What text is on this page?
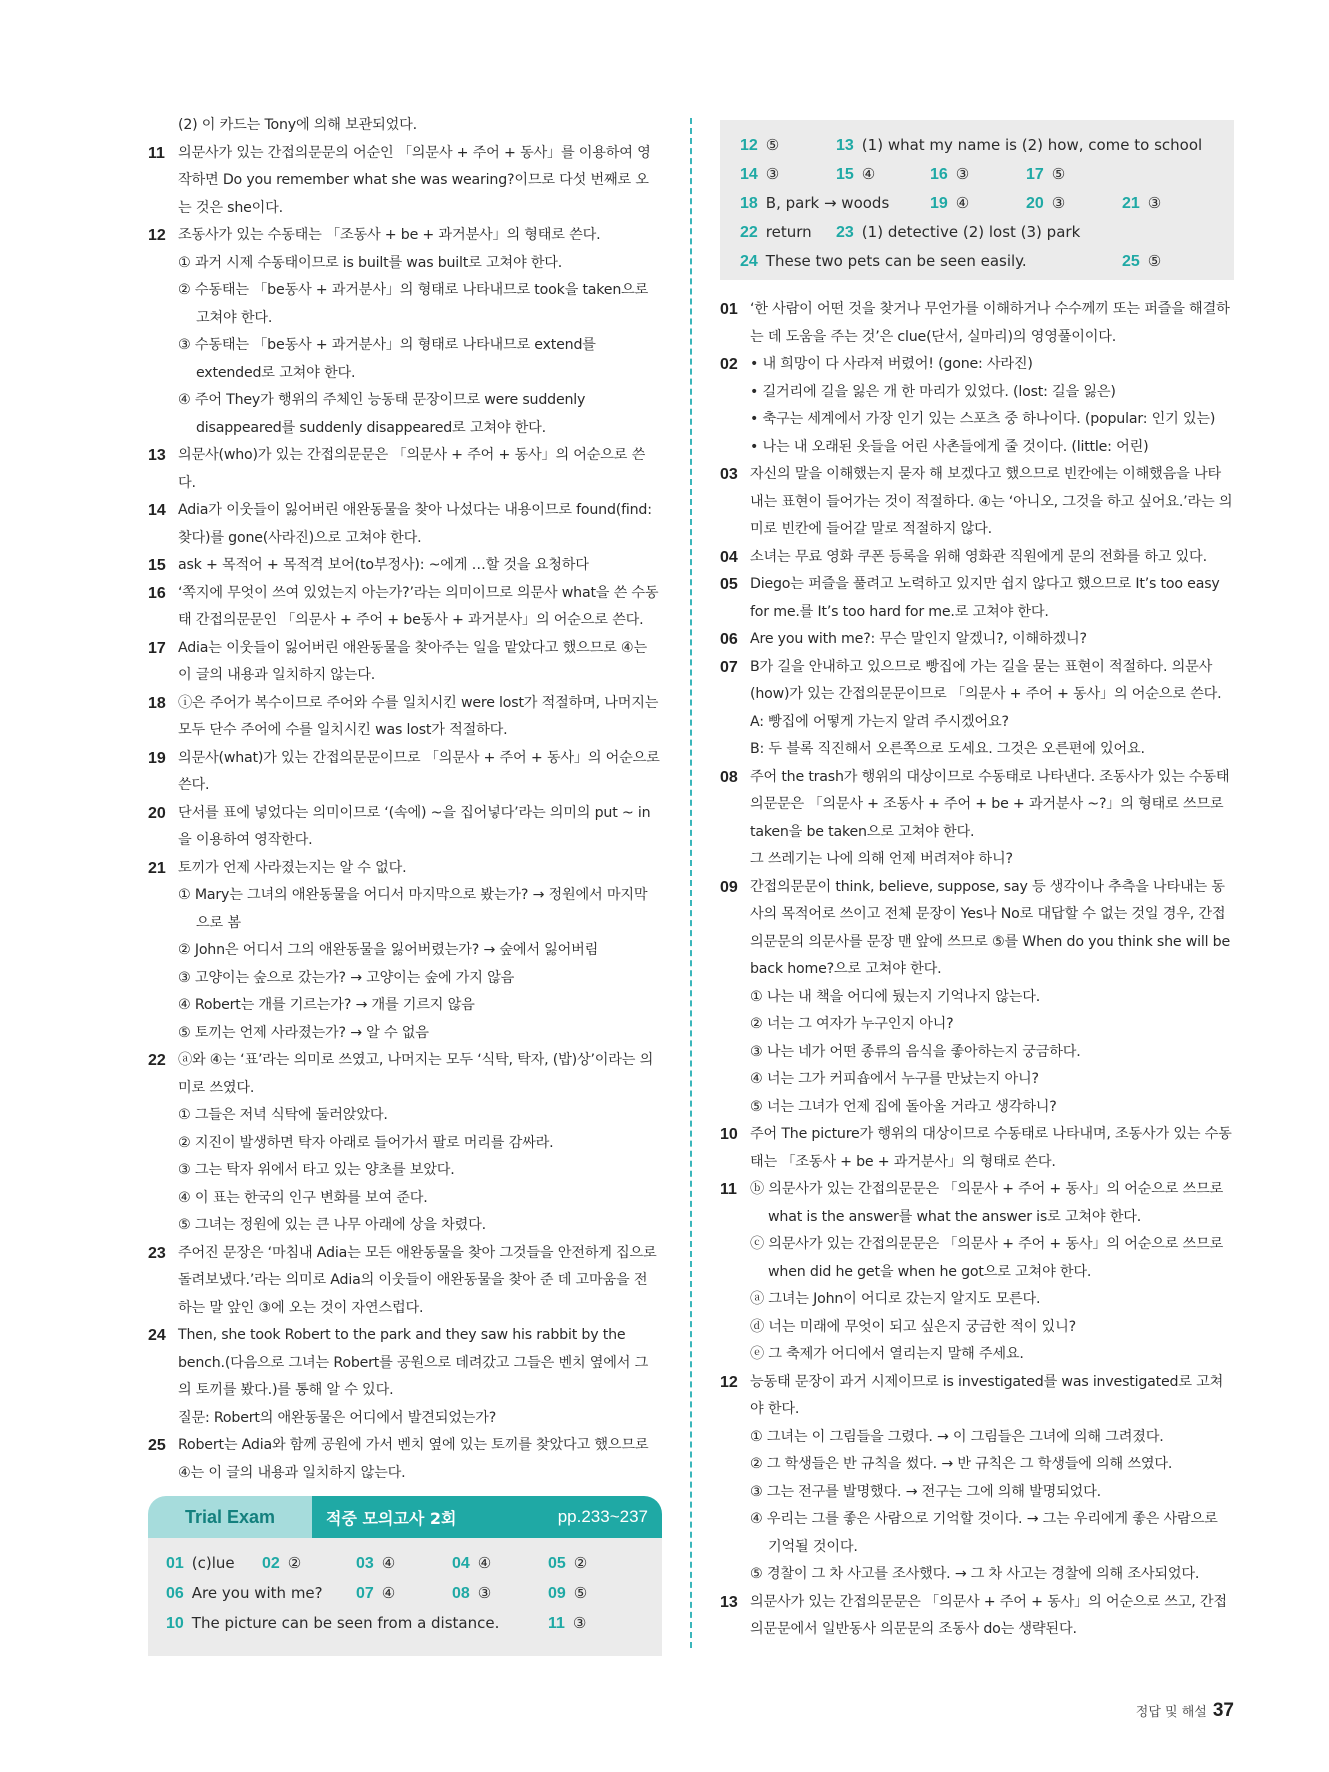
(2) 이 카드는 Tony에 의해 보관되었다.
11 의문사가 있는 간접의문문의 어순인 「의문사 + 주어 + 동사」를 이용하여 영작하면 Do you remember what she was wearing?이므로 다섯 번째로 오는 것은 she이다.
12 조동사가 있는 수동태는 「조동사 + be + 과거분사」의 형태로 쓴다.
① 과거 시제 수동태이므로 is built를 was built로 고쳐야 한다.
② 수동태는 「be동사 + 과거분사」의 형태로 나타내므로 took을 taken으로 고쳐야 한다.
③ 수동태는 「be동사 + 과거분사」의 형태로 나타내므로 extend를 extended로 고쳐야 한다.
④ 주어 They가 행위의 주체인 능동태 문장이므로 were suddenly disappeared를 suddenly disappeared로 고쳐야 한다.
13 의문사(who)가 있는 간접의문문은 「의문사 + 주어 + 동사」의 어순으로 쓴다.
14 Adia가 이웃들이 잃어버린 애완동물을 찾아 나섰다는 내용이므로 found(find: 찾다)를 gone(사라진)으로 고쳐야 한다.
15 ask + 목적어 + 목적격 보어(to부정사): ~에게 …할 것을 요청하다
16 ‘쪽지에 무엇이 쓰여 있었는지 아는가?’라는 의미이므로 의문사 what을 쓴 수동태 간접의문문인 「의문사 + 주어 + be동사 + 과거분사」의 어순으로 쓴다.
17 Adia는 이웃들이 잃어버린 애완동물을 찾아주는 일을 맡았다고 했으므로 ④는 이 글의 내용과 일치하지 않는다.
18 ⓘ은 주어가 복수이므로 주어와 수를 일치시킨 were lost가 적절하며, 나머지는 모두 단수 주어에 수를 일치시킨 was lost가 적절하다.
19 의문사(what)가 있는 간접의문문이므로 「의문사 + 주어 + 동사」의 어순으로 쓴다.
20 단서를 표에 넣었다는 의미이므로 ‘(속에) ~을 집어넣다’라는 의미의 put ~ in을 이용하여 영작한다.
21 토끼가 언제 사라졌는지는 알 수 없다.
① Mary는 그녀의 애완동물을 어디서 마지막으로 봤는가? → 정원에서 마지막으로 봄
② John은 어디서 그의 애완동물을 잃어버렸는가? → 숲에서 잃어버림
③ 고양이는 숲으로 갔는가? → 고양이는 숲에 가지 않음
④ Robert는 개를 기르는가? → 개를 기르지 않음
⑤ 토끼는 언제 사라졌는가? → 알 수 없음
22 ⓐ와 ④는 ‘표’라는 의미로 쓰였고, 나머지는 모두 ‘식탁, 탁자, (밥)상’이라는 의미로 쓰였다.
① 그들은 저녁 식탁에 둘러앉았다.
② 지진이 발생하면 탁자 아래로 들어가서 팔로 머리를 감싸라.
③ 그는 탁자 위에서 타고 있는 양초를 보았다.
④ 이 표는 한국의 인구 변화를 보여 준다.
⑤ 그녀는 정원에 있는 큰 나무 아래에 상을 차렸다.
23 주어진 문장은 ‘마침내 Adia는 모든 애완동물을 찾아 그것들을 안전하게 집으로 돌려보냈다.’라는 의미로 Adia의 이웃들이 애완동물을 찾아 준 데 고마움을 전하는 말 앞인 ③에 오는 것이 자연스럽다.
24 Then, she took Robert to the park and they saw his rabbit by the bench.(다음으로 그녀는 Robert를 공원으로 데려갔고 그들은 벤치 옆에서 그의 토끼를 봤다.)를 통해 알 수 있다.
질문: Robert의 애완동물은 어디에서 발견되었는가?
25 Robert는 Adia와 함께 공원에 가서 벤치 옆에 있는 토끼를 찾았다고 했으므로 ④는 이 글의 내용과 일치하지 않는다.
Trial Exam	적중 모의고사 2회	pp.233~237
01 (c)lue 02 ②	03 ④	04 ④	05 ②
06 Are you with me? 07 ④	08 ③	09 ⑤
10 The picture can be seen from a distance.	11 ③
12 ⑤	13 (1) what my name is (2) how, come to school
14 ③	15 ④	16 ③	17 ⑤
18 B, park → woods	19 ④	20 ③	21 ③
22 return 23 (1) detective (2) lost (3) park
24 These two pets can be seen easily.	25 ⑤
01 ‘한 사람이 어떤 것을 찾거나 무언가를 이해하거나 수수께끼 또는 퍼즐을 해결하는 데 도움을 주는 것’은 clue(단서, 실마리)의 영영풀이이다.
02 • 내 희망이 다 사라져 버렸어! (gone: 사라진)
• 길거리에 길을 잃은 개 한 마리가 있었다. (lost: 길을 잃은)
• 축구는 세계에서 가장 인기 있는 스포츠 중 하나이다. (popular: 인기 있는)
• 나는 내 오래된 옷들을 어린 사촌들에게 줄 것이다. (little: 어린)
03 자신의 말을 이해했는지 묻자 해 보겠다고 했으므로 빈칸에는 이해했음을 나타내는 표현이 들어가는 것이 적절하다. ④는 ‘아니오, 그것을 하고 싶어요.’라는 의미로 빈칸에 들어갈 말로 적절하지 않다.
04 소녀는 무료 영화 쿠폰 등록을 위해 영화관 직원에게 문의 전화를 하고 있다.
05 Diego는 퍼즐을 풀려고 노력하고 있지만 쉽지 않다고 했으므로 It’s too easy for me.를 It’s too hard for me.로 고쳐야 한다.
06 Are you with me?: 무슨 말인지 알겠니?, 이해하겠니?
07 B가 길을 안내하고 있으므로 빵집에 가는 길을 묻는 표현이 적절하다. 의문사(how)가 있는 간접의문문이므로 「의문사 + 주어 + 동사」의 어순으로 쓴다.
A: 빵집에 어떻게 가는지 알려 주시겠어요?
B: 두 블록 직진해서 오른쪽으로 도세요. 그것은 오른편에 있어요.
08 주어 the trash가 행위의 대상이므로 수동태로 나타낸다. 조동사가 있는 수동태 의문문은 「의문사 + 조동사 + 주어 + be + 과거분사 ~?」의 형태로 쓰므로 taken을 be taken으로 고쳐야 한다.
그 쓰레기는 나에 의해 언제 버려져야 하니?
09 간접의문문이 think, believe, suppose, say 등 생각이나 추측을 나타내는 동사의 목적어로 쓰이고 전체 문장이 Yes나 No로 대답할 수 없는 것일 경우, 간접의문문의 의문사를 문장 맨 앞에 쓰므로 ⑤를 When do you think she will be back home?으로 고쳐야 한다.
① 나는 내 책을 어디에 뒀는지 기억나지 않는다.
② 너는 그 여자가 누구인지 아니?
③ 나는 네가 어떤 종류의 음식을 좋아하는지 궁금하다.
④ 너는 그가 커피숍에서 누구를 만났는지 아니?
⑤ 너는 그녀가 언제 집에 돌아올 거라고 생각하니?
10 주어 The picture가 행위의 대상이므로 수동태로 나타내며, 조동사가 있는 수동태는 「조동사 + be + 과거분사」의 형태로 쓴다.
11 ⓑ 의문사가 있는 간접의문문은 「의문사 + 주어 + 동사」의 어순으로 쓰므로 what is the answer를 what the answer is로 고쳐야 한다.
ⓒ 의문사가 있는 간접의문문은 「의문사 + 주어 + 동사」의 어순으로 쓰므로 when did he get을 when he got으로 고쳐야 한다.
ⓐ 그녀는 John이 어디로 갔는지 알지도 모른다.
ⓓ 너는 미래에 무엇이 되고 싶은지 궁금한 적이 있니?
ⓔ 그 축제가 어디에서 열리는지 말해 주세요.
12 능동태 문장이 과거 시제이므로 is investigated를 was investigated로 고쳐야 한다.
① 그녀는 이 그림들을 그렸다. → 이 그림들은 그녀에 의해 그려졌다.
② 그 학생들은 반 규칙을 썼다. → 반 규칙은 그 학생들에 의해 쓰였다.
③ 그는 전구를 발명했다. → 전구는 그에 의해 발명되었다.
④ 우리는 그를 좋은 사람으로 기억할 것이다. → 그는 우리에게 좋은 사람으로 기억될 것이다.
⑤ 경찰이 그 차 사고를 조사했다. → 그 차 사고는 경찰에 의해 조사되었다.
13 의문사가 있는 간접의문문은 「의문사 + 주어 + 동사」의 어순으로 쓰고, 간접의문문에서 일반동사 의문문의 조동사 do는 생략된다.
정답 및 해설 37
